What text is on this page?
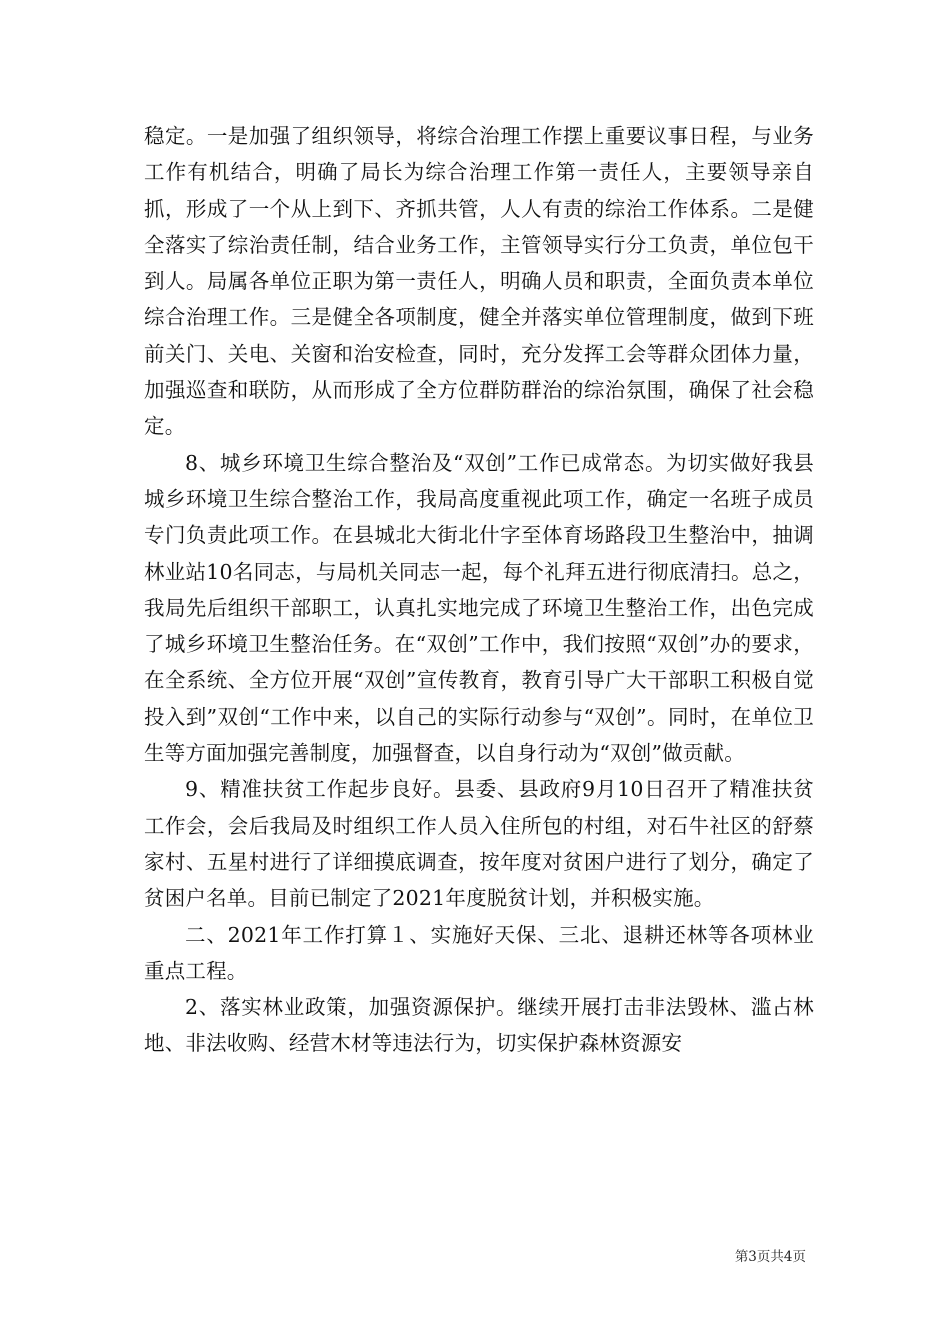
稳定。一是加强了组织领导，将综合治理工作摆上重要议事日程，与业务工作有机结合，明确了局长为综合治理工作第一责任人，主要领导亲自抓，形成了一个从上到下、齐抓共管，人人有责的综治工作体系。二是健全落实了综治责任制，结合业务工作，主管领导实行分工负责，单位包干到人。局属各单位正职为第一责任人，明确人员和职责，全面负责本单位综合治理工作。三是健全各项制度，健全并落实单位管理制度，做到下班前关门、关电、关窗和治安检查，同时，充分发挥工会等群众团体力量，加强巡查和联防，从而形成了全方位群防群治的综治氛围，确保了社会稳定。

8、城乡环境卫生综合整治及“双创”工作已成常态。为切实做好我县城乡环境卫生综合整治工作，我局高度重视此项工作，确定一名班子成员专门负责此项工作。在县城北大街北什字至体育场路段卫生整治中，抽调林业站10名同志，与局机关同志一起，每个礼拜五进行彻底清扫。总之，我局先后组织干部职工，认真扎实地完成了环境卫生整治工作，出色完成了城乡环境卫生整治任务。在“双创”工作中，我们按照“双创”办的要求，在全系统、全方位开展“双创”宣传教育，教育引导广大干部职工积极自觉投入到”双创“工作中来，以自己的实际行动参与“双创”。同时，在单位卫生等方面加强完善制度，加强督查，以自身行动为“双创”做贡献。

9、精准扶贫工作起步良好。县委、县政府9月10日召开了精准扶贫工作会，会后我局及时组织工作人员入住所包的村组，对石牛社区的舒蔡家村、五星村进行了详细摸底调查，按年度对贫困户进行了划分，确定了贫困户名单。目前已制定了2021年度脱贫计划，并积极实施。

二、2021年工作打算１、实施好天保、三北、退耕还林等各项林业重点工程。

2、落实林业政策，加强资源保护。继续开展打击非法毁林、滥占林地、非法收购、经营木材等违法行为，切实保护森林资源安

第3页共4页
